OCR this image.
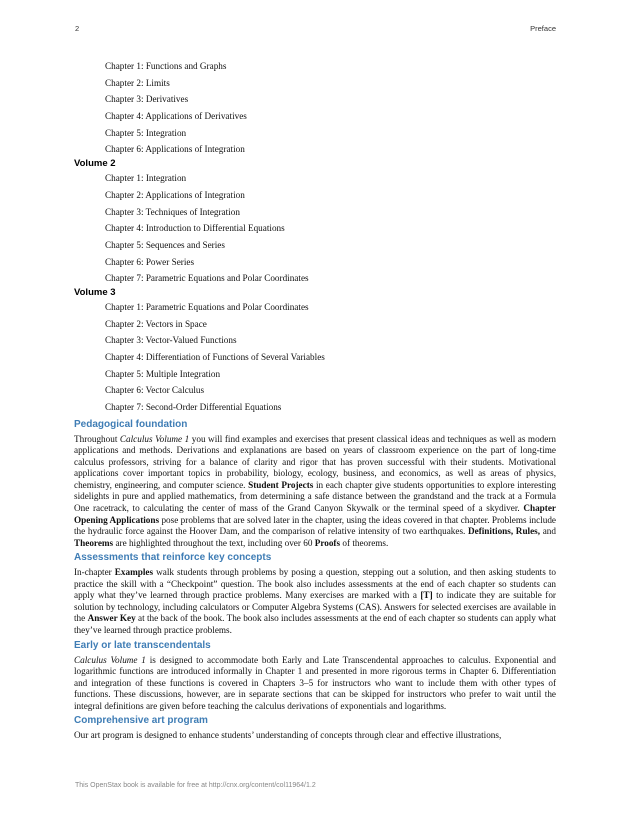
2	Preface
Chapter 1: Functions and Graphs
Chapter 2: Limits
Chapter 3: Derivatives
Chapter 4: Applications of Derivatives
Chapter 5: Integration
Chapter 6: Applications of Integration
Volume 2
Chapter 1: Integration
Chapter 2: Applications of Integration
Chapter 3: Techniques of Integration
Chapter 4: Introduction to Differential Equations
Chapter 5: Sequences and Series
Chapter 6: Power Series
Chapter 7: Parametric Equations and Polar Coordinates
Volume 3
Chapter 1: Parametric Equations and Polar Coordinates
Chapter 2: Vectors in Space
Chapter 3: Vector-Valued Functions
Chapter 4: Differentiation of Functions of Several Variables
Chapter 5: Multiple Integration
Chapter 6: Vector Calculus
Chapter 7: Second-Order Differential Equations
Pedagogical foundation

Throughout Calculus Volume 1 you will find examples and exercises that present classical ideas and techniques as well as modern applications and methods. Derivations and explanations are based on years of classroom experience on the part of long-time calculus professors, striving for a balance of clarity and rigor that has proven successful with their students. Motivational applications cover important topics in probability, biology, ecology, business, and economics, as well as areas of physics, chemistry, engineering, and computer science. Student Projects in each chapter give students opportunities to explore interesting sidelights in pure and applied mathematics, from determining a safe distance between the grandstand and the track at a Formula One racetrack, to calculating the center of mass of the Grand Canyon Skywalk or the terminal speed of a skydiver. Chapter Opening Applications pose problems that are solved later in the chapter, using the ideas covered in that chapter. Problems include the hydraulic force against the Hoover Dam, and the comparison of relative intensity of two earthquakes. Definitions, Rules, and Theorems are highlighted throughout the text, including over 60 Proofs of theorems.

Assessments that reinforce key concepts

In-chapter Examples walk students through problems by posing a question, stepping out a solution, and then asking students to practice the skill with a “Checkpoint” question. The book also includes assessments at the end of each chapter so students can apply what they’ve learned through practice problems. Many exercises are marked with a [T] to indicate they are suitable for solution by technology, including calculators or Computer Algebra Systems (CAS). Answers for selected exercises are available in the Answer Key at the back of the book. The book also includes assessments at the end of each chapter so students can apply what they’ve learned through practice problems.

Early or late transcendentals

Calculus Volume 1 is designed to accommodate both Early and Late Transcendental approaches to calculus. Exponential and logarithmic functions are introduced informally in Chapter 1 and presented in more rigorous terms in Chapter 6. Differentiation and integration of these functions is covered in Chapters 3–5 for instructors who want to include them with other types of functions. These discussions, however, are in separate sections that can be skipped for instructors who prefer to wait until the integral definitions are given before teaching the calculus derivations of exponentials and logarithms.

Comprehensive art program

Our art program is designed to enhance students’ understanding of concepts through clear and effective illustrations,

This OpenStax book is available for free at http://cnx.org/content/col11964/1.2
